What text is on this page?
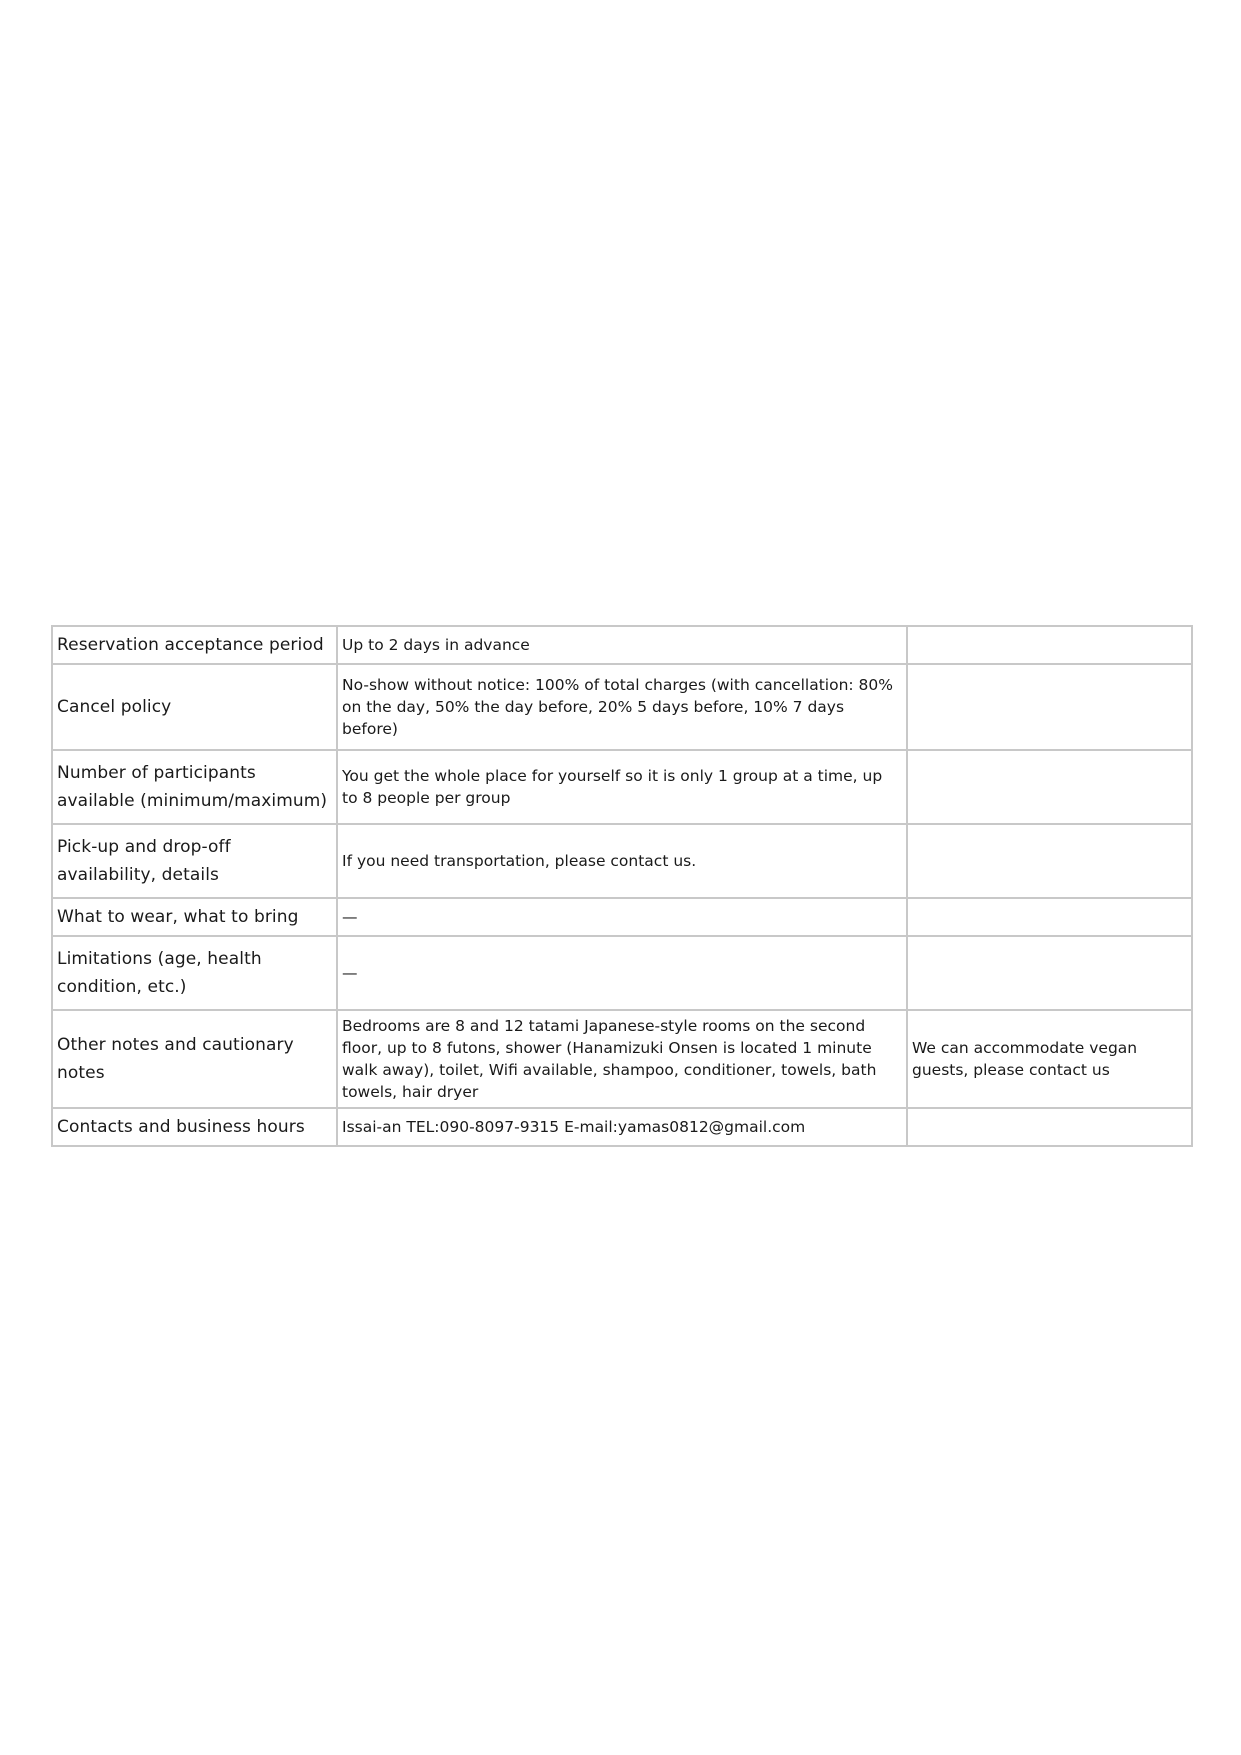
Reservation acceptance period	Up to 2 days in advance	
Cancel policy	No-show without notice: 100% of total charges (with cancellation: 80% on the day, 50% the day before, 20% 5 days before, 10% 7 days before)	
Number of participants available (minimum/maximum)	You get the whole place for yourself so it is only 1 group at a time, up to 8 people per group	
Pick-up and drop-off availability, details	If you need transportation, please contact us.	
What to wear, what to bring	—	
Limitations (age, health condition, etc.)	—	
Other notes and cautionary notes	Bedrooms are 8 and 12 tatami Japanese-style rooms on the second floor, up to 8 futons, shower (Hanamizuki Onsen is located 1 minute walk away), toilet, Wifi available, shampoo, conditioner, towels, bath towels, hair dryer	We can accommodate vegan guests, please contact us
Contacts and business hours	Issai-an TEL:090-8097-9315 E-mail:yamas0812@gmail.com	
